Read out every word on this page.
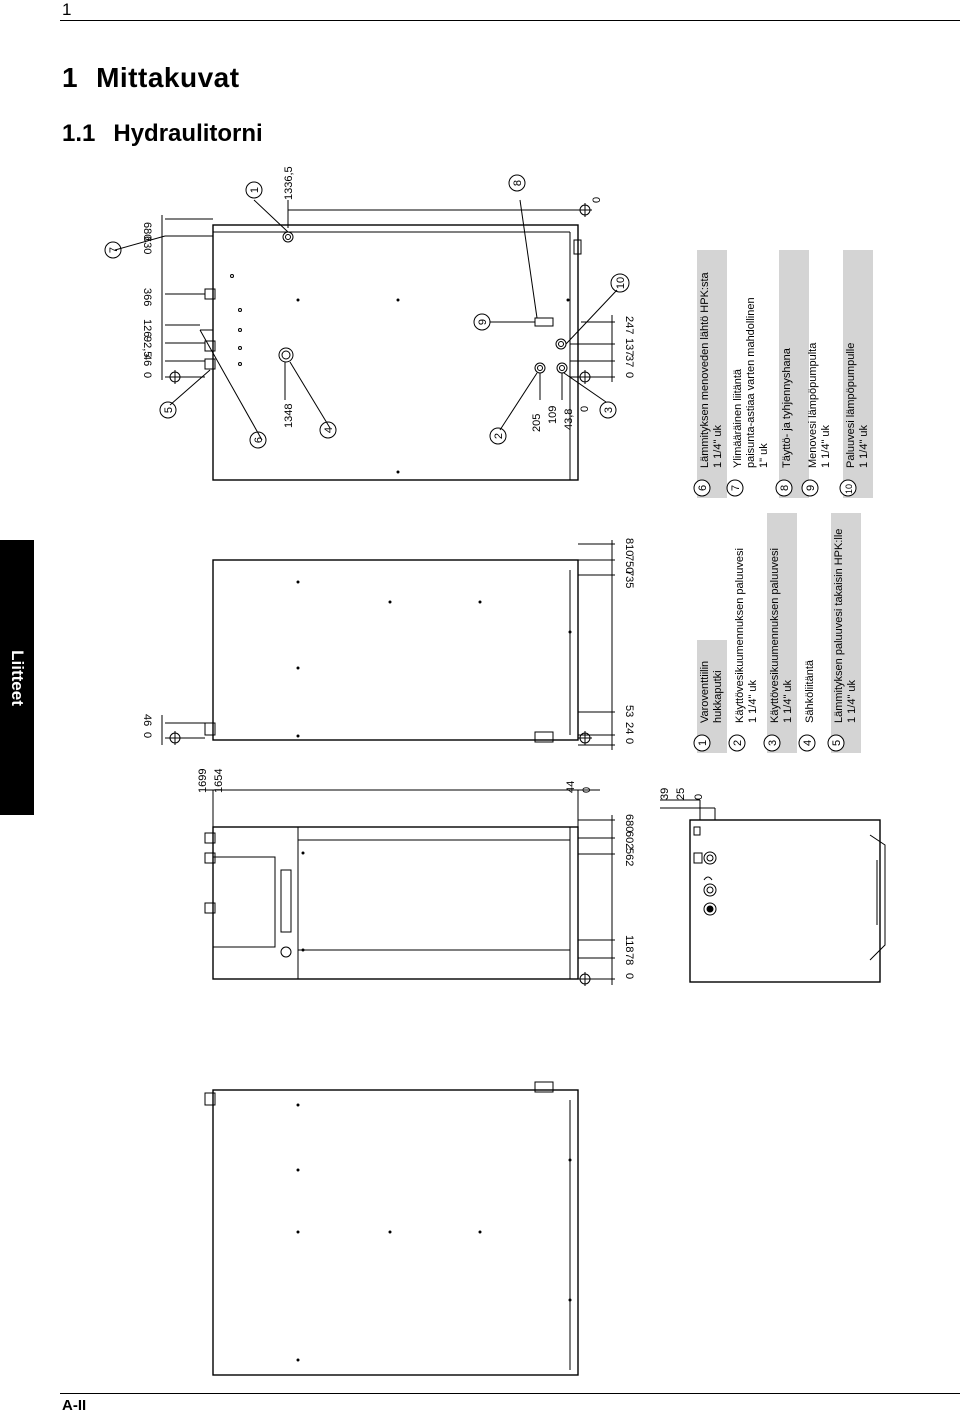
1
1 Mittakuvat
1.1 Hydraulitorni
Liitteet
680
630
366
126
92,5
46
0
0
247
137
37
0
205 109 43,8 0
1336,5
1348
1
7
8
9
10
5
6
4
2
3
810
750
735
53
24
0
46
0
1699 1654	44 0
680
602
562
118
78
0
39 25 0
1
Varoventtiilin hukkaputki
2
Käyttövesikuumennuksen paluuvesi 1 1/4" uk
3
Käyttövesikuumennuksen paluuvesi 1 1/4" uk
4
Sähköliitäntä
5
Lämmityksen paluuvesi takaisin HPK:lle 1 1/4" uk
6
Lämmityksen menoveden lähtö HPK:sta 1 1/4" uk
7
Ylimääräinen liitäntä paisunta-astiaa varten mahdollinen 1" uk
8
Täyttö- ja tyhjennyshana
9
Menovesi lämpöpumpulta 1 1/4" uk
10
Paluuvesi lämpöpumpulle 1 1/4" uk
A-II
